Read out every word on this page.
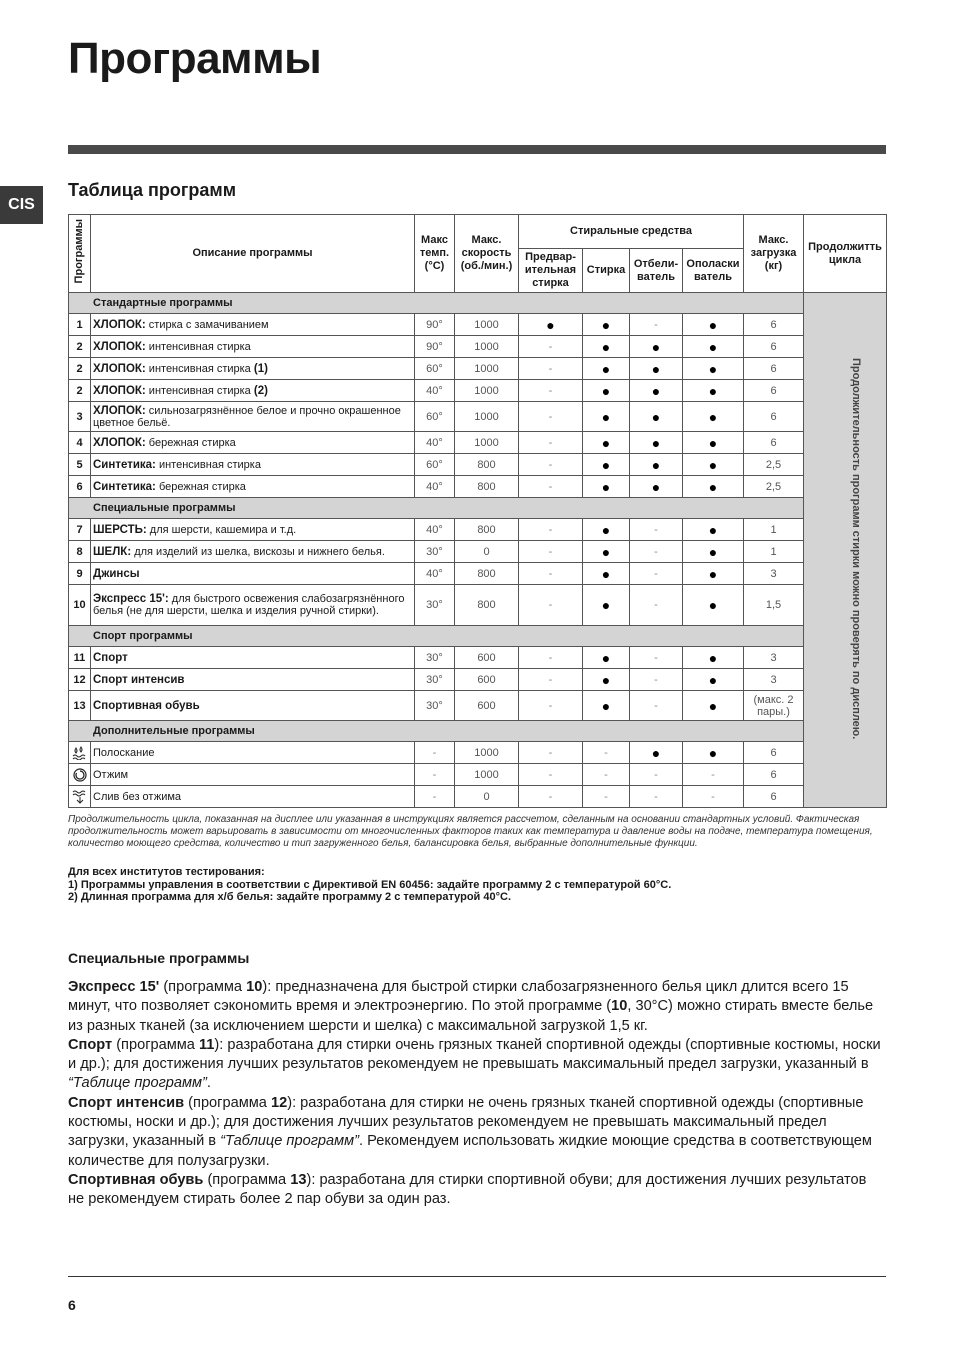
Программы
CIS
Таблица программ
Программы	Описание программы	Макс темп. (°С)	Макс. скорость (об./мин.)	Стиральные средства				Макс. загрузка (кг)	Продолжитть цикла
				Предвар- ительная стирка	Стирка	Отбели- ватель	Ополаски ватель		
Стандартные программы									Продолжительность программ стирки можно проверять по дисплею.
1	ХЛОПОК: стирка с замачиванием	90°	1000	●	●	-	●	6	
2	ХЛОПОК: интенсивная стирка	90°	1000	-	●	●	●	6	
2	ХЛОПОК: интенсивная стирка (1)	60°	1000	-	●	●	●	6	
2	ХЛОПОК: интенсивная стирка (2)	40°	1000	-	●	●	●	6	
3	ХЛОПОК: сильнозагрязнённое белое и прочно окрашенное цветное бельё.	60°	1000	-	●	●	●	6	
4	ХЛОПОК: бережная стирка	40°	1000	-	●	●	●	6	
5	Синтетика: интенсивная стирка	60°	800	-	●	●	●	2,5	
6	Синтетика: бережная стирка	40°	800	-	●	●	●	2,5	
Специальные программы									
7	ШЕРСТЬ: для шерсти, кашемира и т.д.	40°	800	-	●	-	●	1	
8	ШЕЛК: для изделий из шелка, вискозы и нижнего белья.	30°	0	-	●	-	●	1	
9	Джинсы	40°	800	-	●	-	●	3	
10	Экспресс 15': для быстрого освежения слабозагрязнённого белья (не для шерсти, шелка и изделия ручной стирки).	30°	800	-	●	-	●	1,5	
Спорт программы									
11	Спорт	30°	600	-	●	-	●	3	
12	Спорт интенсив	30°	600	-	●	-	●	3	
13	Спортивная обувь	30°	600	-	●	-	●	(макс. 2 пары.)	
Дополнительные программы									

	Полоскание	-	1000	-	-	●	●	6	

	Отжим	-	1000	-	-	-	-	6	

	Слив без отжима	-	0	-	-	-	-	6	

Продолжительность цикла, показанная на дисплее или указанная в инструкциях является рассчетом, сделанным на основании стандартных условий. Фактическая продолжительность может варьировать в зависимости от многочисленных факторов таких как температура и давление воды на подаче, температура помещения, количество моющего средства, количество и тип загруженного белья, балансировка белья, выбранные дополнительные функции.

Для всех институтов тестирования:
1) Программы управления в соответствии с Директивой EN 60456: задайте программу 2 с температурой 60°С.
2) Длинная программа для х/б белья: задайте программу 2 с температурой 40°С.
Специальные программы

Экспресс 15' (программа 10): предназначена для быстрой стирки слабозагрязненного белья цикл длится всего 15 минут, что позволяет сэкономить время и электроэнергию. По этой программе (10, 30°С) можно стирать вместе белье из разных тканей (за исключением шерсти и шелка) с максимальной загрузкой 1,5 кг.

Спорт (программа 11): разработана для стирки очень грязных тканей спортивной одежды (спортивные костюмы, носки и др.); для достижения лучших результатов рекомендуем не превышать максимальный предел загрузки, указанный в “Таблице программ”.

Спорт интенсив (программа 12): разработана для стирки не очень грязных тканей спортивной одежды (спортивные костюмы, носки и др.); для достижения лучших результатов рекомендуем не превышать максимальный предел загрузки, указанный в “Таблице программ”. Рекомендуем использовать жидкие моющие средства в соответствующем количестве для полузагрузки.

Спортивная обувь (программа 13): разработана для стирки спортивной обуви; для достижения лучших результатов не рекомендуем стирать более 2 пар обуви за один раз.

6
